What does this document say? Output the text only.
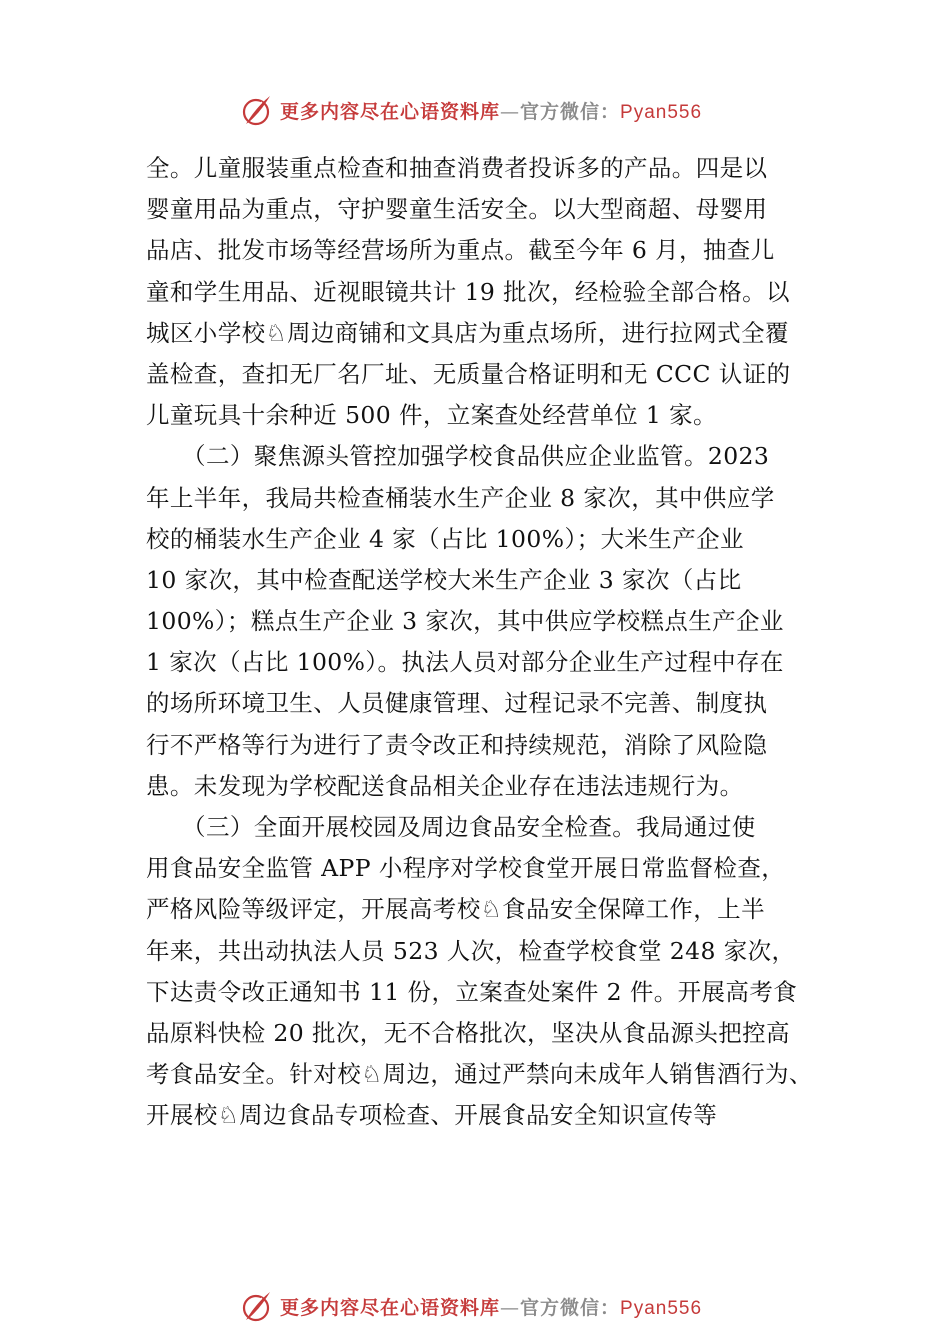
更多内容尽在心语资料库—官方微信：Pyan556
全。儿童服装重点检查和抽查消费者投诉多的产品。四是以
婴童用品为重点，守护婴童生活安全。以大型商超、母婴用
品店、批发市场等经营场所为重点。截至今年 6 月，抽查儿
童和学生用品、近视眼镜共计 19 批次，经检验全部合格。以
城区小学校♘周边商铺和文具店为重点场所，进行拉网式全覆
盖检查，查扣无厂名厂址、无质量合格证明和无 CCC 认证的
儿童玩具十余种近 500 件，立案查处经营单位 1 家。
　　（二）聚焦源头管控加强学校食品供应企业监管。2023
年上半年，我局共检查桶装水生产企业 8 家次，其中供应学
校的桶装水生产企业 4 家（占比 100%）；大米生产企业
10 家次，其中检查配送学校大米生产企业 3 家次（占比
100%）；糕点生产企业 3 家次，其中供应学校糕点生产企业
1 家次（占比 100%）。执法人员对部分企业生产过程中存在
的场所环境卫生、人员健康管理、过程记录不完善、制度执
行不严格等行为进行了责令改正和持续规范，消除了风险隐
患。未发现为学校配送食品相关企业存在违法违规行为。
　　（三）全面开展校园及周边食品安全检查。我局通过使
用食品安全监管 APP 小程序对学校食堂开展日常监督检查，
严格风险等级评定，开展高考校♘食品安全保障工作，上半
年来，共出动执法人员 523 人次，检查学校食堂 248 家次，
下达责令改正通知书 11 份，立案查处案件 2 件。开展高考食
品原料快检 20 批次，无不合格批次，坚决从食品源头把控高
考食品安全。针对校♘周边，通过严禁向未成年人销售酒行为、
开展校♘周边食品专项检查、开展食品安全知识宣传等
更多内容尽在心语资料库—官方微信：Pyan556
